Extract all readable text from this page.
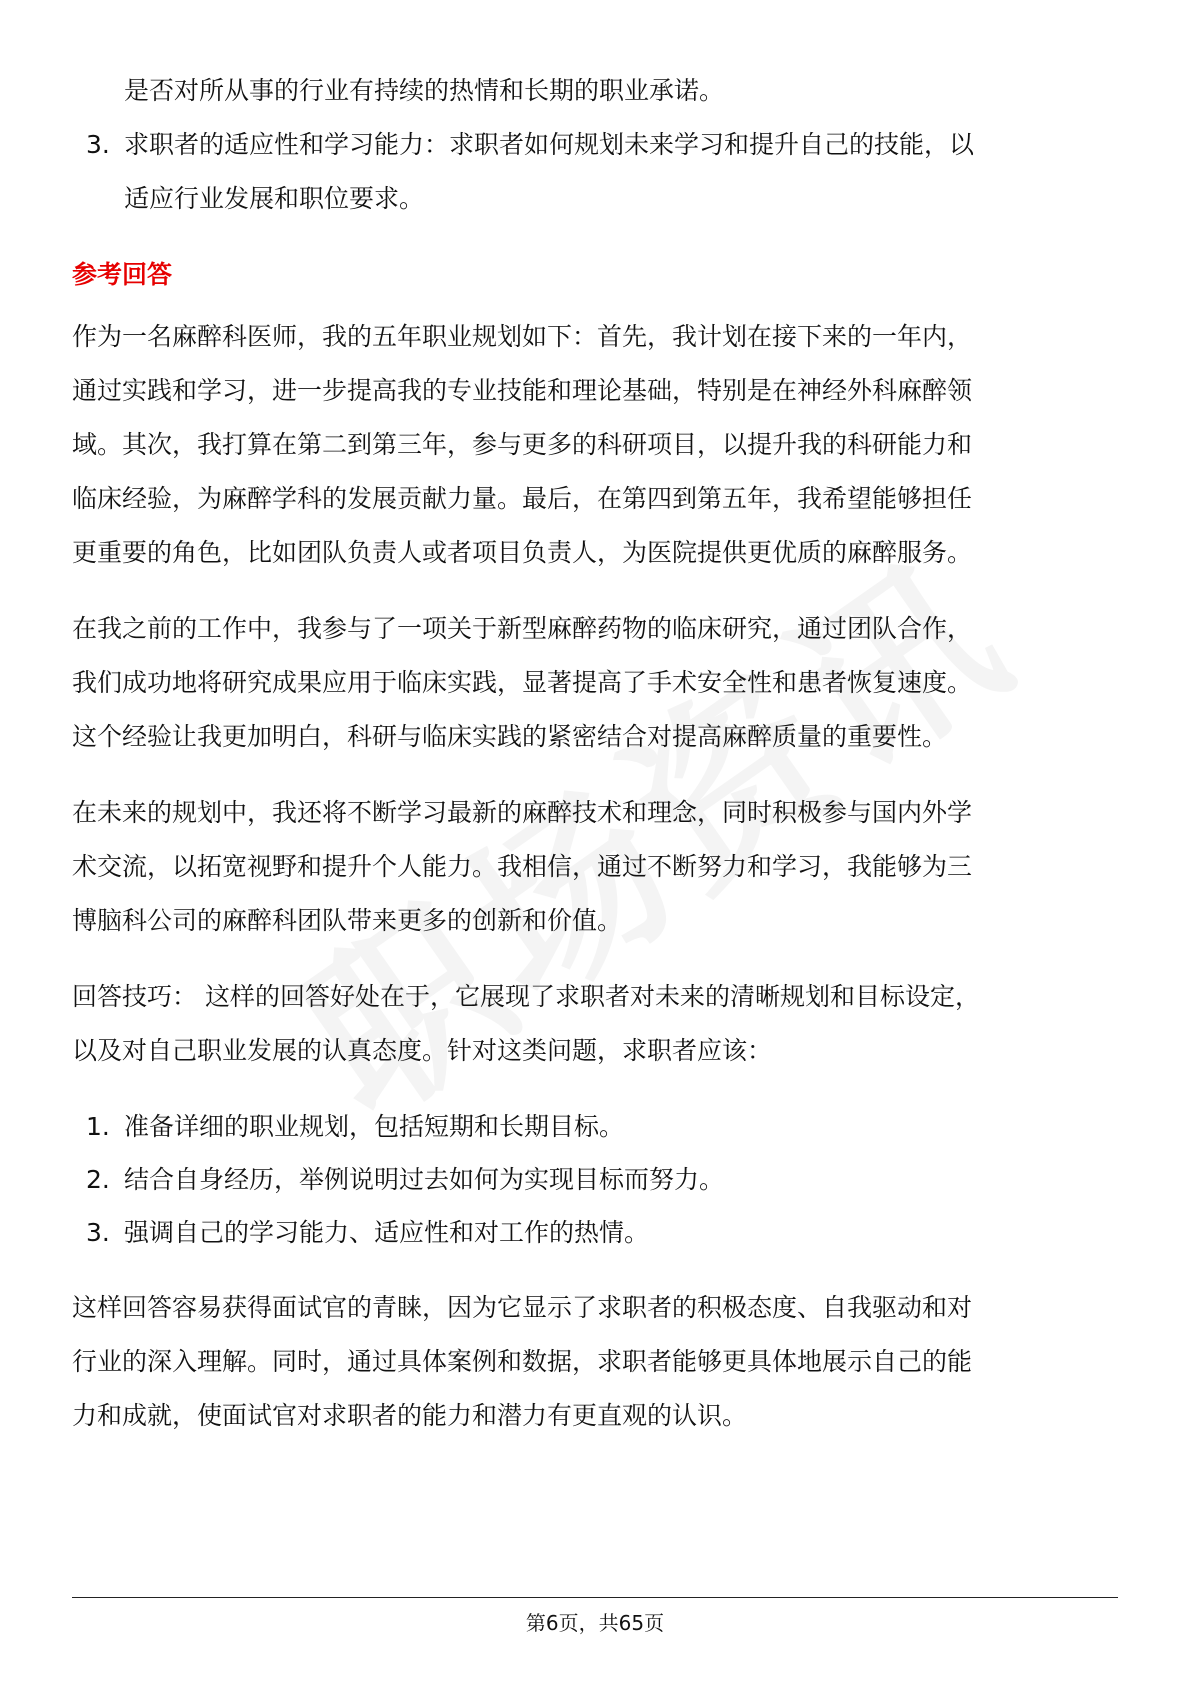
是否对所从事的行业有持续的热情和长期的职业承诺。
3. 求职者的适应性和学习能力：求职者如何规划未来学习和提升自己的技能，以
适应行业发展和职位要求。
参考回答
作为一名麻醉科医师，我的五年职业规划如下：首先，我计划在接下来的一年内，
通过实践和学习，进一步提高我的专业技能和理论基础，特别是在神经外科麻醉领
域。其次，我打算在第二到第三年，参与更多的科研项目，以提升我的科研能力和
临床经验，为麻醉学科的发展贡献力量。最后，在第四到第五年，我希望能够担任
更重要的角色，比如团队负责人或者项目负责人，为医院提供更优质的麻醉服务。
在我之前的工作中，我参与了一项关于新型麻醉药物的临床研究，通过团队合作，
我们成功地将研究成果应用于临床实践，显著提高了手术安全性和患者恢复速度。
这个经验让我更加明白，科研与临床实践的紧密结合对提高麻醉质量的重要性。
在未来的规划中，我还将不断学习最新的麻醉技术和理念，同时积极参与国内外学
术交流，以拓宽视野和提升个人能力。我相信，通过不断努力和学习，我能够为三
博脑科公司的麻醉科团队带来更多的创新和价值。
回答技巧： 这样的回答好处在于，它展现了求职者对未来的清晰规划和目标设定，
以及对自己职业发展的认真态度。针对这类问题，求职者应该：
1. 准备详细的职业规划，包括短期和长期目标。
2. 结合自身经历，举例说明过去如何为实现目标而努力。
3. 强调自己的学习能力、适应性和对工作的热情。
这样回答容易获得面试官的青睐，因为它显示了求职者的积极态度、自我驱动和对
行业的深入理解。同时，通过具体案例和数据，求职者能够更具体地展示自己的能
力和成就，使面试官对求职者的能力和潜力有更直观的认识。
第6页，共65页
